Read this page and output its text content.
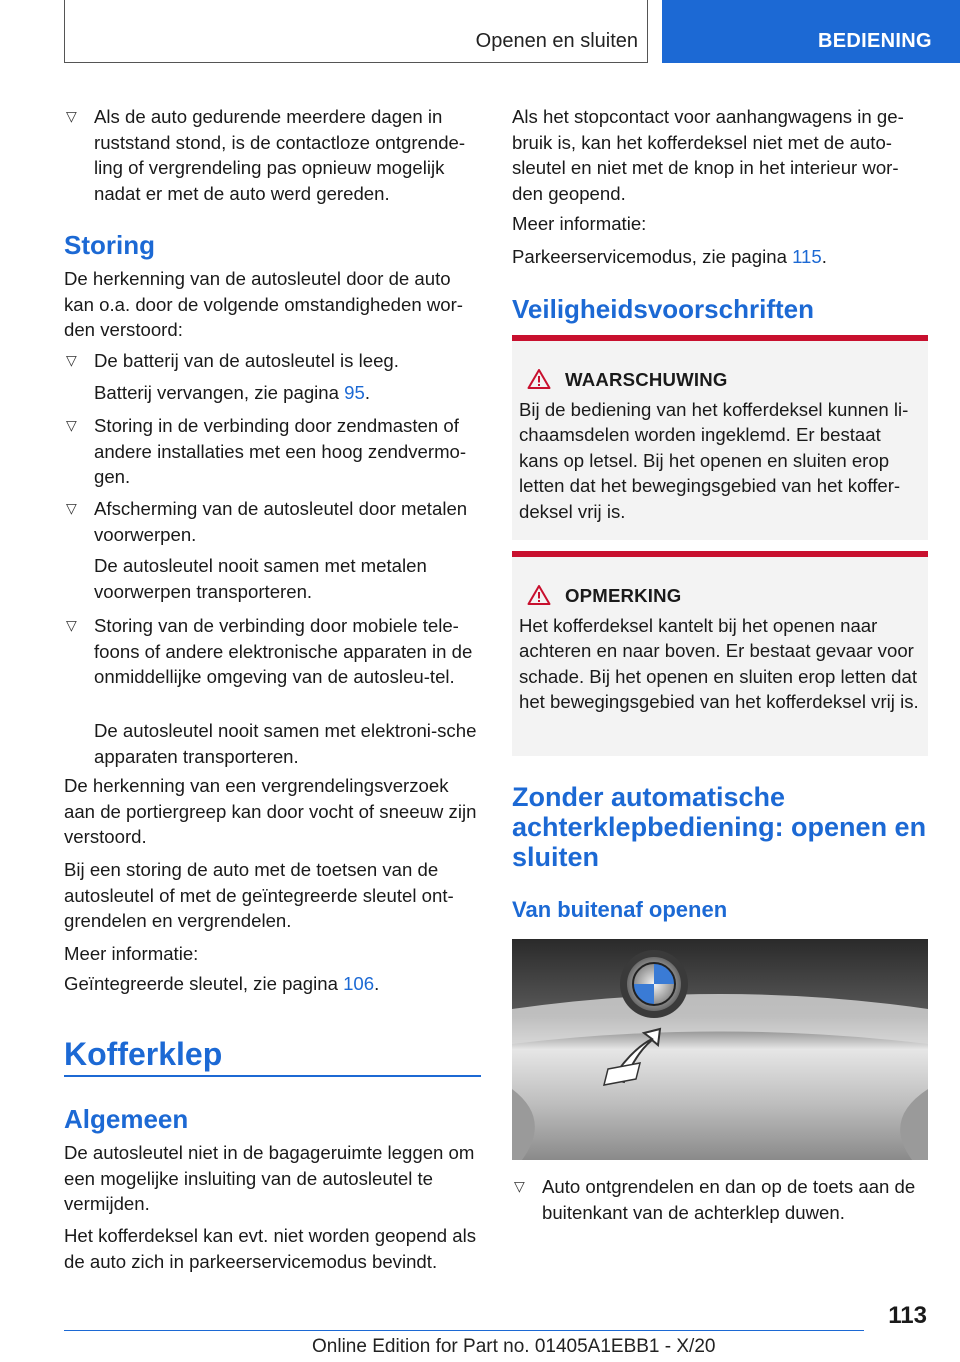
Openen en sluiten	BEDIENING

▽ Als de auto gedurende meerdere dagen in ruststand stond, is de contactloze ontgrende-ling of vergrendeling pas opnieuw mogelijk nadat er met de auto werd gereden.

Storing

De herkenning van de autosleutel door de auto kan o.a. door de volgende omstandigheden wor-den verstoord:

▽ De batterij van de autosleutel is leeg.

Batterij vervangen, zie pagina 95.

▽ Storing in de verbinding door zendmasten of andere installaties met een hoog zendvermo-gen.

▽ Afscherming van de autosleutel door metalen voorwerpen.

De autosleutel nooit samen met metalen voorwerpen transporteren.

▽ Storing van de verbinding door mobiele tele-foons of andere elektronische apparaten in de onmiddellijke omgeving van de autosleu-tel.

De autosleutel nooit samen met elektroni-sche apparaten transporteren.

De herkenning van een vergrendelingsverzoek aan de portiergreep kan door vocht of sneeuw zijn verstoord.

Bij een storing de auto met de toetsen van de autosleutel of met de geïntegreerde sleutel ont-grendelen en vergrendelen.

Meer informatie:

Geïntegreerde sleutel, zie pagina 106.

Kofferklep
Algemeen

De autosleutel niet in de bagageruimte leggen om een mogelijke insluiting van de autosleutel te vermijden.

Het kofferdeksel kan evt. niet worden geopend als de auto zich in parkeerservicemodus bevindt.

Als het stopcontact voor aanhangwagens in ge-bruik is, kan het kofferdeksel niet met de auto-sleutel en niet met de knop in het interieur wor-den geopend.

Meer informatie:

Parkeerservicemodus, zie pagina 115.

Veiligheidsvoorschriften
WAARSCHUWING

Bij de bediening van het kofferdeksel kunnen li-chaamsdelen worden ingeklemd. Er bestaat kans op letsel. Bij het openen en sluiten erop letten dat het bewegingsgebied van het koffer-deksel vrij is.

OPMERKING

Het kofferdeksel kantelt bij het openen naar achteren en naar boven. Er bestaat gevaar voor schade. Bij het openen en sluiten erop letten dat het bewegingsgebied van het kofferdeksel vrij is.

Zonder automatische achterklepbediening: openen en sluiten
Van buitenaf openen

▽ Auto ontgrendelen en dan op de toets aan de buitenkant van de achterklep duwen.

113
Online Edition for Part no. 01405A1EBB1 - X/20
